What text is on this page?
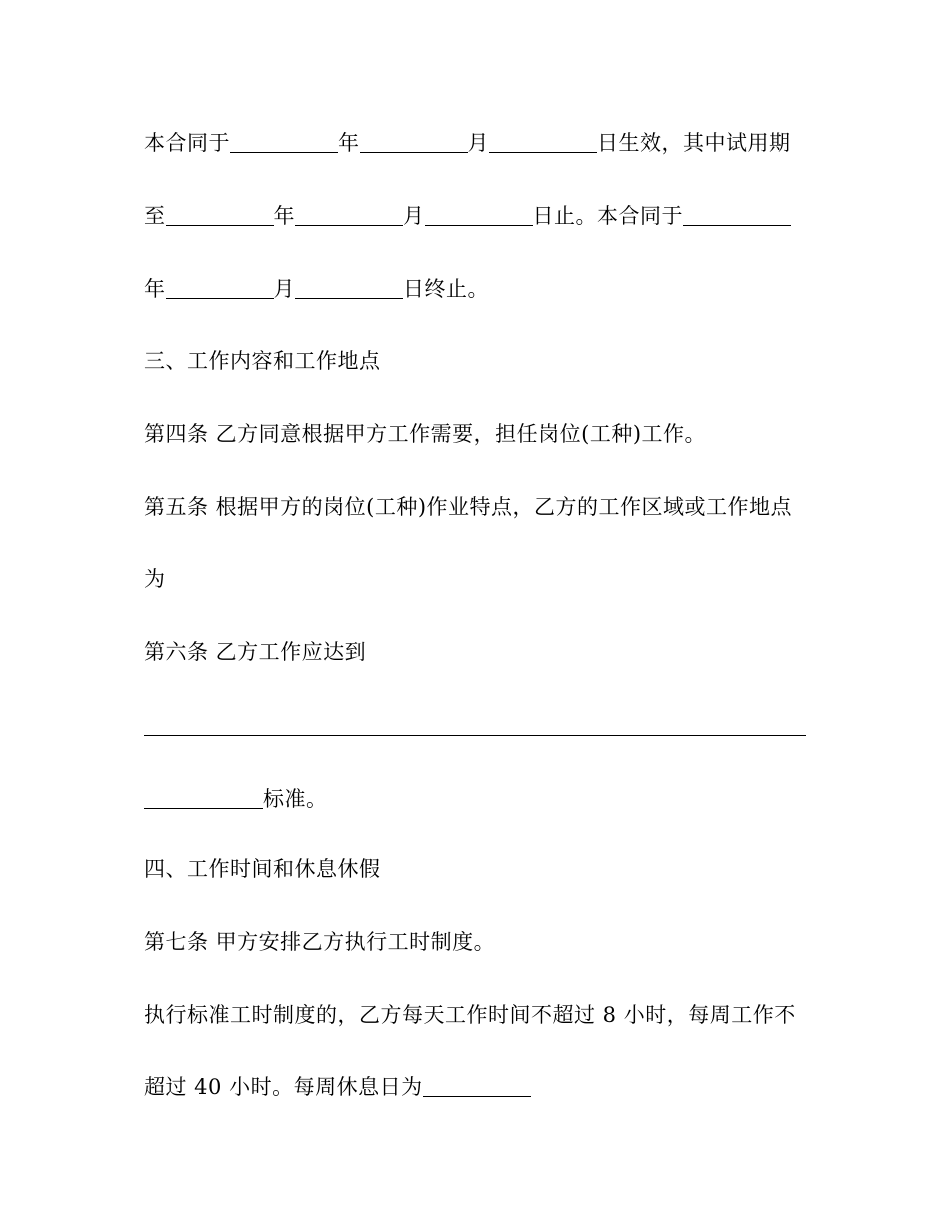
本合同于	年	月	日生效，其中试用期
至	年	月	日止。本合同于
年	月	日终止。
三、工作内容和工作地点
第四条 乙方同意根据甲方工作需要，担任岗位(工种)工作。
第五条 根据甲方的岗位(工种)作业特点，乙方的工作区域或工作地点
为
第六条 乙方工作应达到
标准。
四、工作时间和休息休假
第七条 甲方安排乙方执行工时制度。
执行标准工时制度的，乙方每天工作时间不超过 8 小时，每周工作不
超过 40 小时。每周休息日为
